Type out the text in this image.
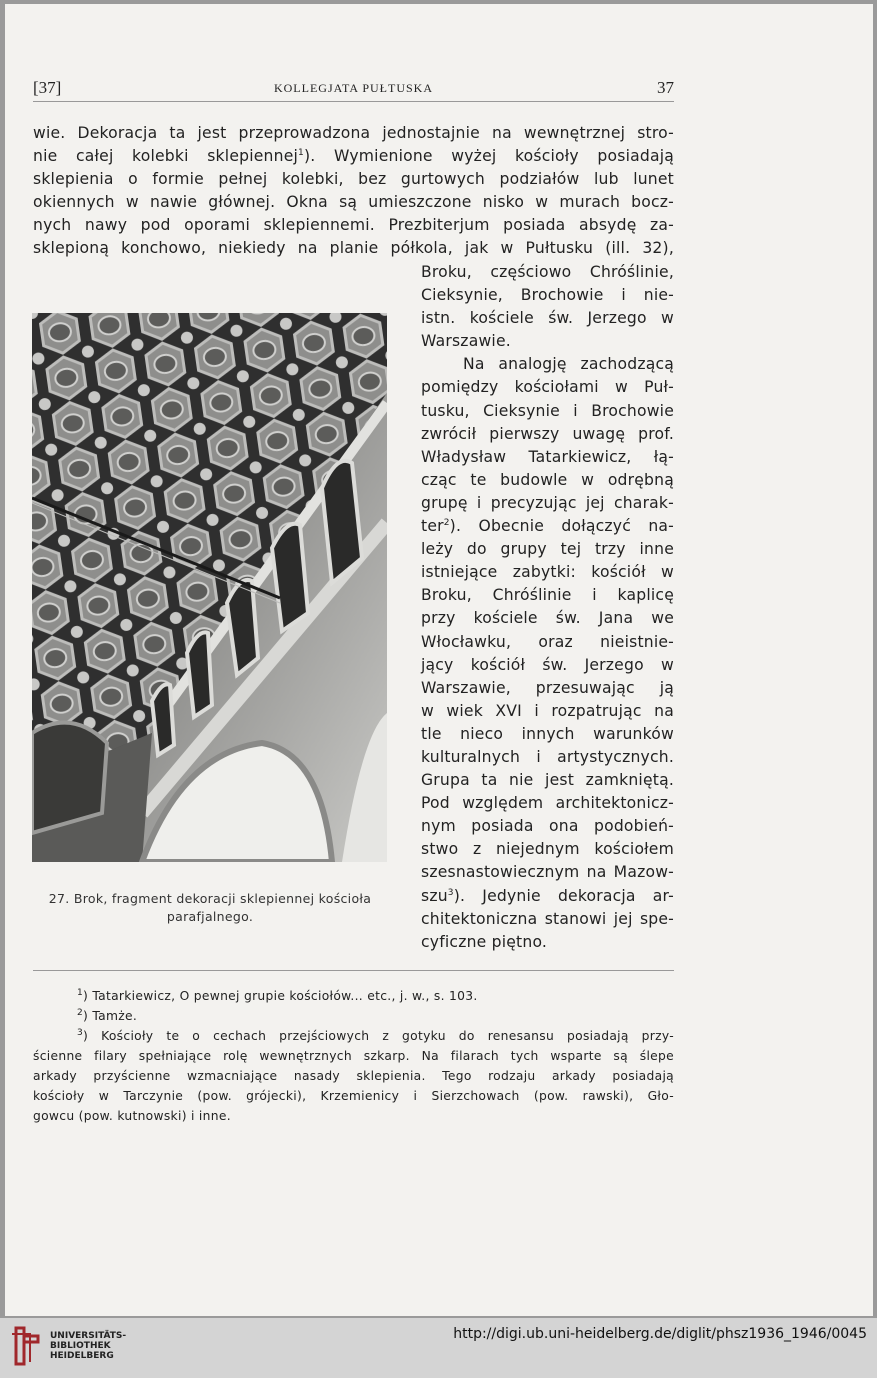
[37]	KOLLEGJATA PUŁTUSKA	37
wie. Dekoracja ta jest przeprowadzona jednostajnie na wewnętrznej stro-
nie całej kolebki sklepiennej$^1$). Wymienione wyżej kościoły posiadają
sklepienia o formie pełnej kolebki, bez gurtowych podziałów lub lunet
okiennych w nawie głównej. Okna są umieszczone nisko w murach bocz-
nych nawy pod oporami sklepiennemi. Prezbiterjum posiada absydę za-
sklepioną konchowo, niekiedy na planie półkola, jak w Pułtusku (ill. 32),
Broku, częściowo Chróślinie,
Cieksynie, Brochowie i nie-
istn. kościele św. Jerzego w
Warszawie.
Na analogję zachodzącą
pomiędzy kościołami w Puł-
tusku, Cieksynie i Brochowie
zwrócił pierwszy uwagę prof.
Władysław Tatarkiewicz, łą-
cząc te budowle w odrębną
grupę i precyzując jej charak-
ter$^2$). Obecnie dołączyć na-
leży do grupy tej trzy inne
istniejące zabytki: kościół w
Broku, Chróślinie i kaplicę
przy kościele św. Jana we
Włocławku, oraz nieistnie-
jący kościół św. Jerzego w
Warszawie, przesuwając ją
w wiek XVI i rozpatrując na
tle nieco innych warunków
kulturalnych i artystycznych.
Grupa ta nie jest zamkniętą.
Pod względem architektonicz-
nym posiada ona podobień-
stwo z niejednym kościołem
szesnastowiecznym na Mazow-
szu$^3$). Jedynie dekoracja ar-
chitektoniczna stanowi jej spe-
cyficzne piętno.
27. Brok, fragment dekoracji sklepiennej kościoła
parafjalnego.
$^1$) Tatarkiewicz, O pewnej grupie kościołów... etc., j. w., s. 103.
$^2$) Tamże.
$^3$) Kościoły te o cechach przejściowych z gotyku do renesansu posiadają przy-
ścienne filary spełniające rolę wewnętrznych szkarp. Na filarach tych wsparte są ślepe
arkady przyścienne wzmacniające nasady sklepienia. Tego rodzaju arkady posiadają
kościoły w Tarczynie (pow. grójecki), Krzemienicy i Sierzchowach (pow. rawski), Gło-
gowcu (pow. kutnowski) i inne.
UNIVERSITÄTS-
BIBLIOTHEK
HEIDELBERG
http://digi.ub.uni-heidelberg.de/diglit/phsz1936_1946/0045
